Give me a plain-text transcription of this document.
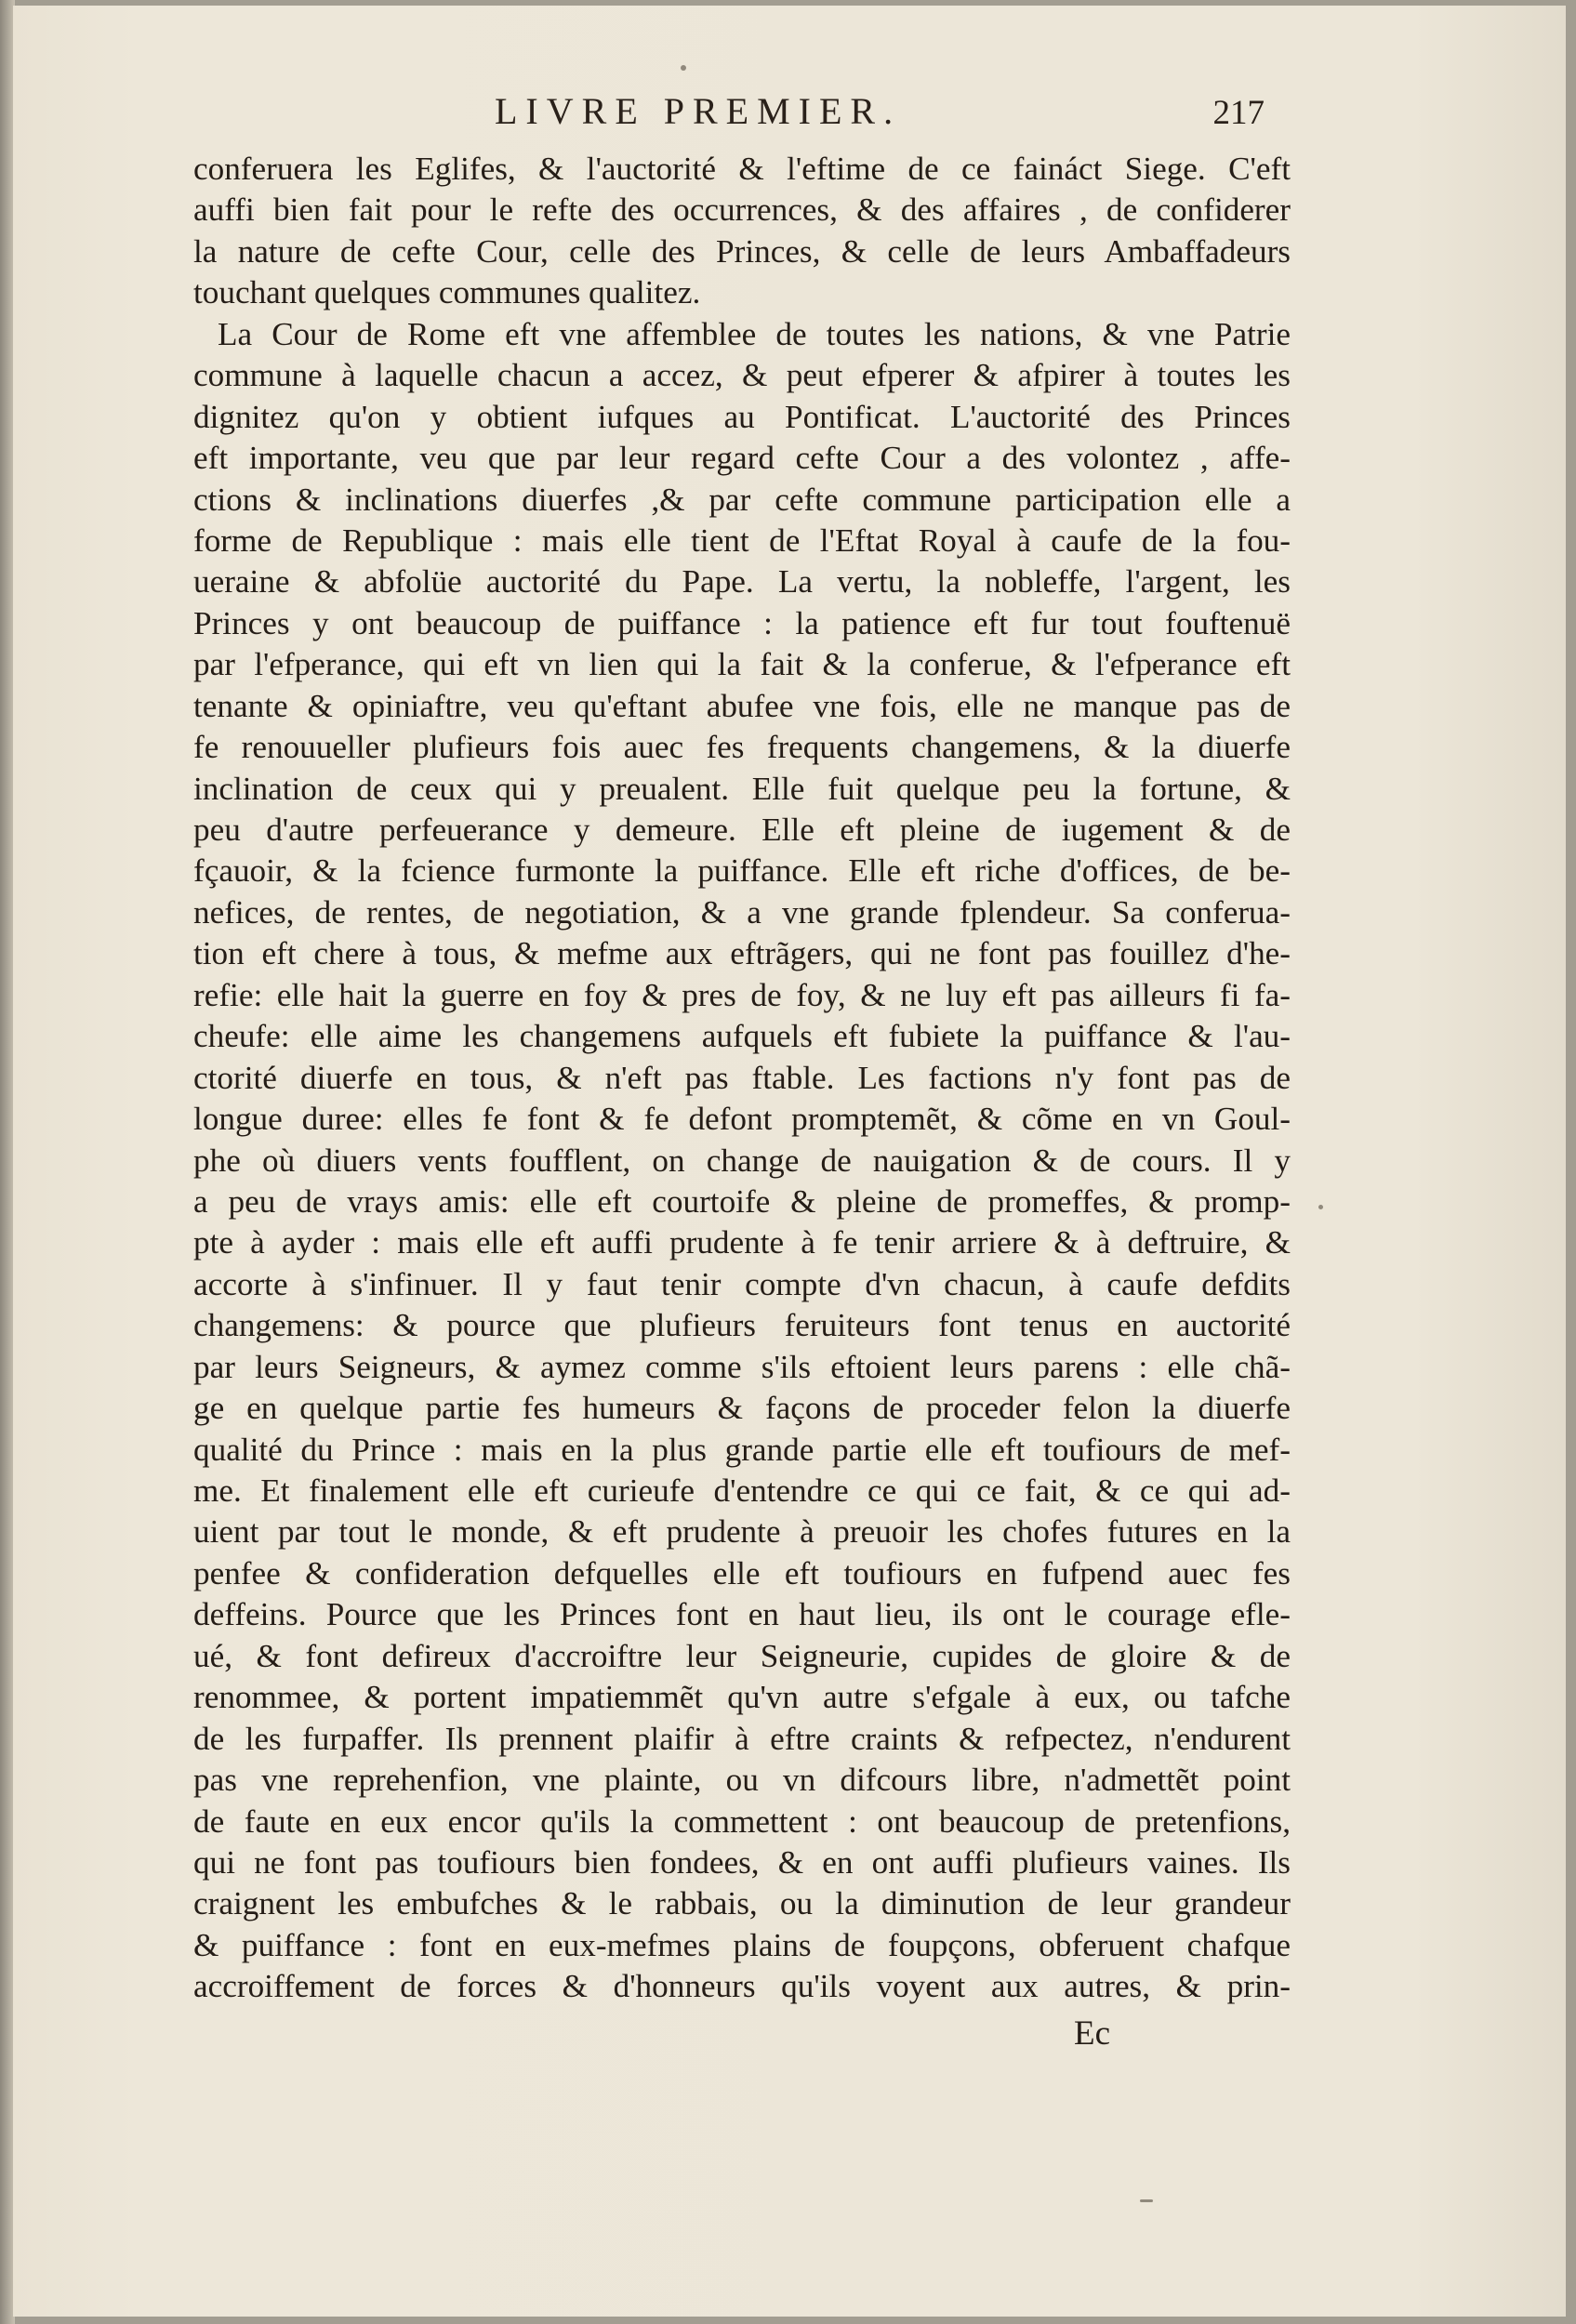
LIVRE PREMIER.	217
conferuera les Eglifes, & l'auctorité & l'eftime de ce faináct Siege. C'eft
auffi bien fait pour le refte des occurrences, & des affaires , de confiderer
la nature de cefte Cour, celle des Princes, & celle de leurs Ambaffadeurs
touchant quelques communes qualitez.
La Cour de Rome eft vne affemblee de toutes les nations, & vne Patrie
commune à laquelle chacun a accez, & peut efperer & afpirer à toutes les
dignitez qu'on y obtient iufques au Pontificat. L'auctorité des Princes
eft importante, veu que par leur regard cefte Cour a des volontez , affe-
ctions & inclinations diuerfes ,& par cefte commune participation elle a
forme de Republique : mais elle tient de l'Eftat Royal à caufe de la fou-
ueraine & abfolüe auctorité du Pape. La vertu, la nobleffe, l'argent, les
Princes y ont beaucoup de puiffance : la patience eft fur tout fouftenuë
par l'efperance, qui eft vn lien qui la fait & la conferue, & l'efperance eft
tenante & opiniaftre, veu qu'eftant abufee vne fois, elle ne manque pas de
fe renouueller plufieurs fois auec fes frequents changemens, & la diuerfe
inclination de ceux qui y preualent. Elle fuit quelque peu la fortune, &
peu d'autre perfeuerance y demeure. Elle eft pleine de iugement & de
fçauoir, & la fcience furmonte la puiffance. Elle eft riche d'offices, de be-
nefices, de rentes, de negotiation, & a vne grande fplendeur. Sa conferua-
tion eft chere à tous, & mefme aux eftrãgers, qui ne font pas fouillez d'he-
refie: elle hait la guerre en foy & pres de foy, & ne luy eft pas ailleurs fi fa-
cheufe: elle aime les changemens aufquels eft fubiete la puiffance & l'au-
ctorité diuerfe en tous, & n'eft pas ftable. Les factions n'y font pas de
longue duree: elles fe font & fe defont promptemẽt, & cõme en vn Goul-
phe où diuers vents foufflent, on change de nauigation & de cours. Il y
a peu de vrays amis: elle eft courtoife & pleine de promeffes, & promp-
pte à ayder : mais elle eft auffi prudente à fe tenir arriere & à deftruire, &
accorte à s'infinuer. Il y faut tenir compte d'vn chacun, à caufe defdits
changemens: & pource que plufieurs feruiteurs font tenus en auctorité
par leurs Seigneurs, & aymez comme s'ils eftoient leurs parens : elle chã-
ge en quelque partie fes humeurs & façons de proceder felon la diuerfe
qualité du Prince : mais en la plus grande partie elle eft toufiours de mef-
me. Et finalement elle eft curieufe d'entendre ce qui ce fait, & ce qui ad-
uient par tout le monde, & eft prudente à preuoir les chofes futures en la
penfee & confideration defquelles elle eft toufiours en fufpend auec fes
deffeins. Pource que les Princes font en haut lieu, ils ont le courage efle-
ué, & font defireux d'accroiftre leur Seigneurie, cupides de gloire & de
renommee, & portent impatiemmẽt qu'vn autre s'efgale à eux, ou tafche
de les furpaffer. Ils prennent plaifir à eftre craints & refpectez, n'endurent
pas vne reprehenfion, vne plainte, ou vn difcours libre, n'admettẽt point
de faute en eux encor qu'ils la commettent : ont beaucoup de pretenfions,
qui ne font pas toufiours bien fondees, & en ont auffi plufieurs vaines. Ils
craignent les embufches & le rabbais, ou la diminution de leur grandeur
& puiffance : font en eux-mefmes plains de foupçons, obferuent chafque
accroiffement de forces & d'honneurs qu'ils voyent aux autres, & prin-
Ec
